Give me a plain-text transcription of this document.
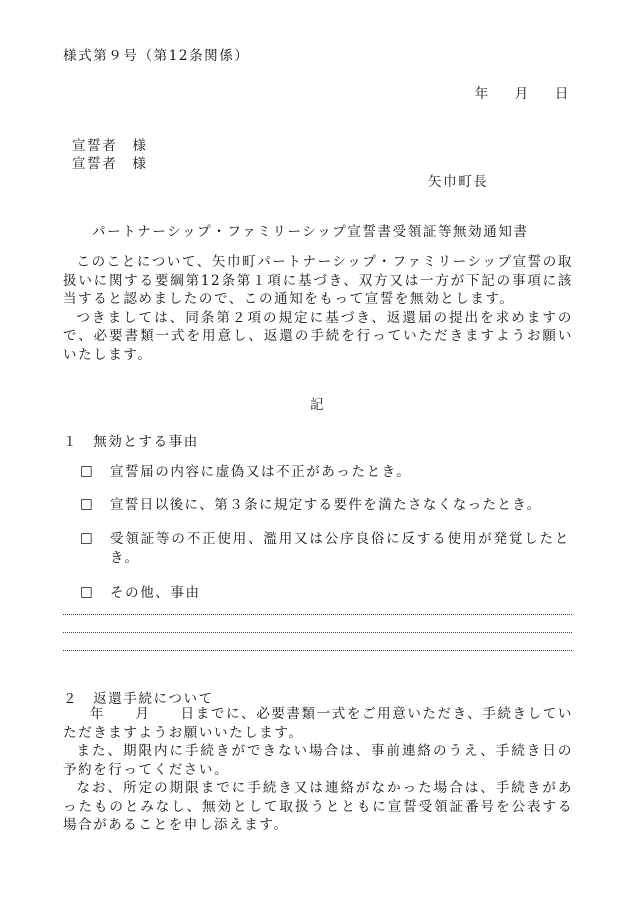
様式第９号（第12条関係）
年　 月　 日
宣誓者　様
宣誓者　様
矢巾町長
パートナーシップ・ファミリーシップ宣誓書受領証等無効通知書

このことについて、矢巾町パートナーシップ・ファミリーシップ宣誓の取扱いに関する要綱第12条第１項に基づき、双方又は一方が下記の事項に該当すると認めましたので、この通知をもって宣誓を無効とします。

つきましては、同条第２項の規定に基づき、返還届の提出を求めますので、必要書類一式を用意し、返還の手続を行っていただきますようお願いいたします。

記
１　無効とする事由
□ 宣誓届の内容に虚偽又は不正があったとき。
□ 宣誓日以後に、第３条に規定する要件を満たさなくなったとき。
□ 受領証等の不正使用、濫用又は公序良俗に反する使用が発覚したとき。
□ その他、事由
２　返還手続について

年　　月　　日までに、必要書類一式をご用意いただき、手続きしていただきますようお願いいたします。

また、期限内に手続きができない場合は、事前連絡のうえ、手続き日の予約を行ってください。

なお、所定の期限までに手続き又は連絡がなかった場合は、手続きがあったものとみなし、無効として取扱うとともに宣誓受領証番号を公表する場合があることを申し添えます。
